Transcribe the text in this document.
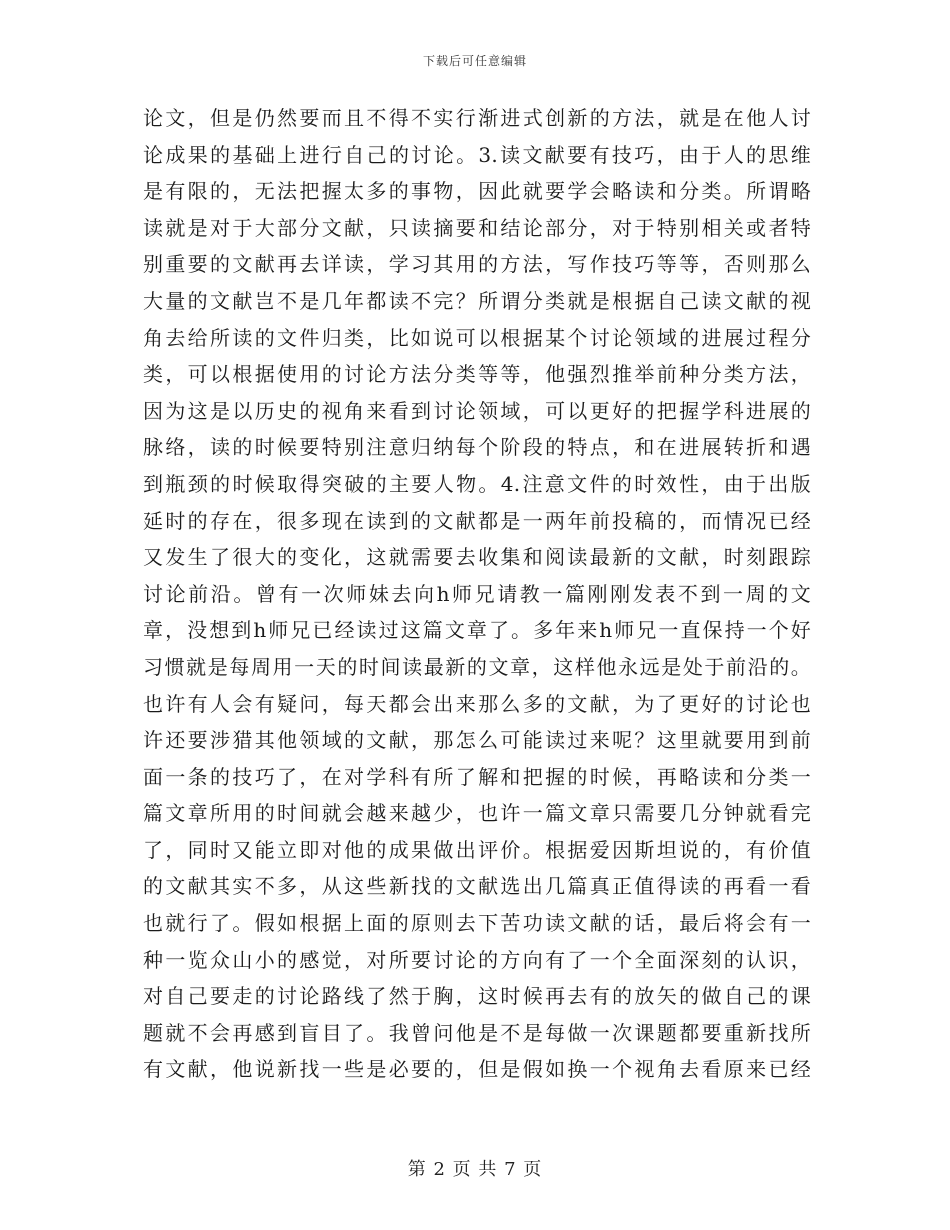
下载后可任意编辑
论文，但是仍然要而且不得不实行渐进式创新的方法，就是在他人讨
论成果的基础上进行自己的讨论。3.读文献要有技巧，由于人的思维
是有限的，无法把握太多的事物，因此就要学会略读和分类。所谓略
读就是对于大部分文献，只读摘要和结论部分，对于特别相关或者特
别重要的文献再去详读，学习其用的方法，写作技巧等等，否则那么
大量的文献岂不是几年都读不完？所谓分类就是根据自己读文献的视
角去给所读的文件归类，比如说可以根据某个讨论领域的进展过程分
类，可以根据使用的讨论方法分类等等，他强烈推举前种分类方法，
因为这是以历史的视角来看到讨论领域，可以更好的把握学科进展的
脉络，读的时候要特别注意归纳每个阶段的特点，和在进展转折和遇
到瓶颈的时候取得突破的主要人物。4.注意文件的时效性，由于出版
延时的存在，很多现在读到的文献都是一两年前投稿的，而情况已经
又发生了很大的变化，这就需要去收集和阅读最新的文献，时刻跟踪
讨论前沿。曾有一次师妹去向h师兄请教一篇刚刚发表不到一周的文
章，没想到h师兄已经读过这篇文章了。多年来h师兄一直保持一个好
习惯就是每周用一天的时间读最新的文章，这样他永远是处于前沿的。
也许有人会有疑问，每天都会出来那么多的文献，为了更好的讨论也
许还要涉猎其他领域的文献，那怎么可能读过来呢？这里就要用到前
面一条的技巧了，在对学科有所了解和把握的时候，再略读和分类一
篇文章所用的时间就会越来越少，也许一篇文章只需要几分钟就看完
了，同时又能立即对他的成果做出评价。根据爱因斯坦说的，有价值
的文献其实不多，从这些新找的文献选出几篇真正值得读的再看一看
也就行了。假如根据上面的原则去下苦功读文献的话，最后将会有一
种一览众山小的感觉，对所要讨论的方向有了一个全面深刻的认识，
对自己要走的讨论路线了然于胸，这时候再去有的放矢的做自己的课
题就不会再感到盲目了。我曾问他是不是每做一次课题都要重新找所
有文献，他说新找一些是必要的，但是假如换一个视角去看原来已经
第 2 页 共 7 页
